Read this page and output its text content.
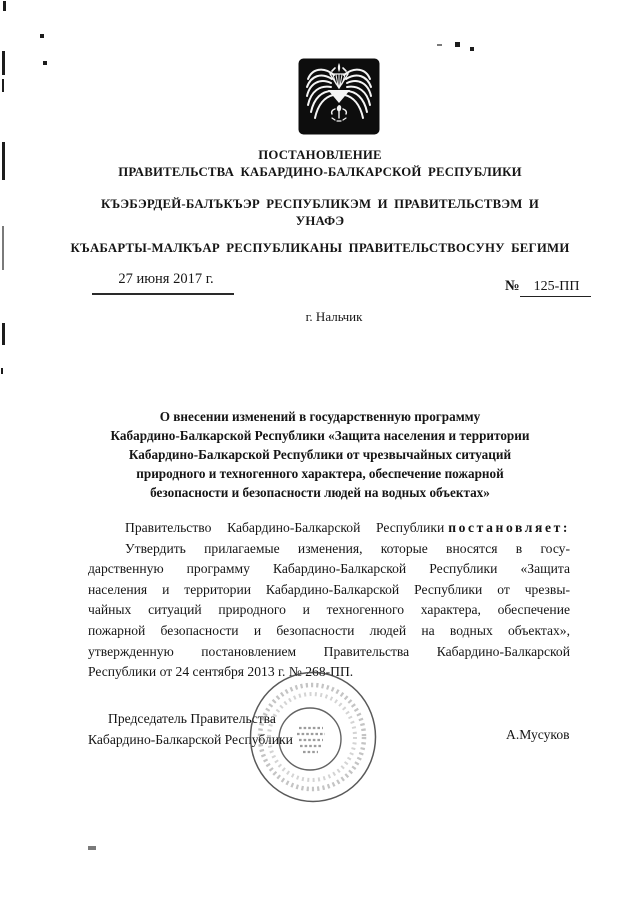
ПОСТАНОВЛЕНИЕ
ПРАВИТЕЛЬСТВА КАБАРДИНО-БАЛКАРСКОЙ РЕСПУБЛИКИ
КЪЭБЭРДЕЙ-БАЛЪКЪЭР РЕСПУБЛИКЭМ И ПРАВИТЕЛЬСТВЭМ И УНАФЭ
КЪАБАРТЫ-МАЛКЪАР РЕСПУБЛИКАНЫ ПРАВИТЕЛЬСТВОСУНУ БЕГИМИ
27 июня 2017 г.	№ 125-ПП
г. Нальчик
О внесении изменений в государственную программу
Кабардино-Балкарской Республики «Защита населения и территории
Кабардино-Балкарской Республики от чрезвычайных ситуаций
природного и техногенного характера, обеспечение пожарной
безопасности и безопасности людей на водных объектах»
Правительство Кабардино-Балкарской Республики постановляет:
Утвердить прилагаемые изменения, которые вносятся в госу-
дарственную программу Кабардино-Балкарской Республики «Защита
населения и территории Кабардино-Балкарской Республики от чрезвы-
чайных ситуаций природного и техногенного характера, обеспечение
пожарной безопасности и безопасности людей на водных объектах»,
утвержденную постановлением Правительства Кабардино-Балкарской
Республики от 24 сентября 2013 г. № 268-ПП.
Председатель Правительства
Кабардино-Балкарской Республики	А.Мусуков
